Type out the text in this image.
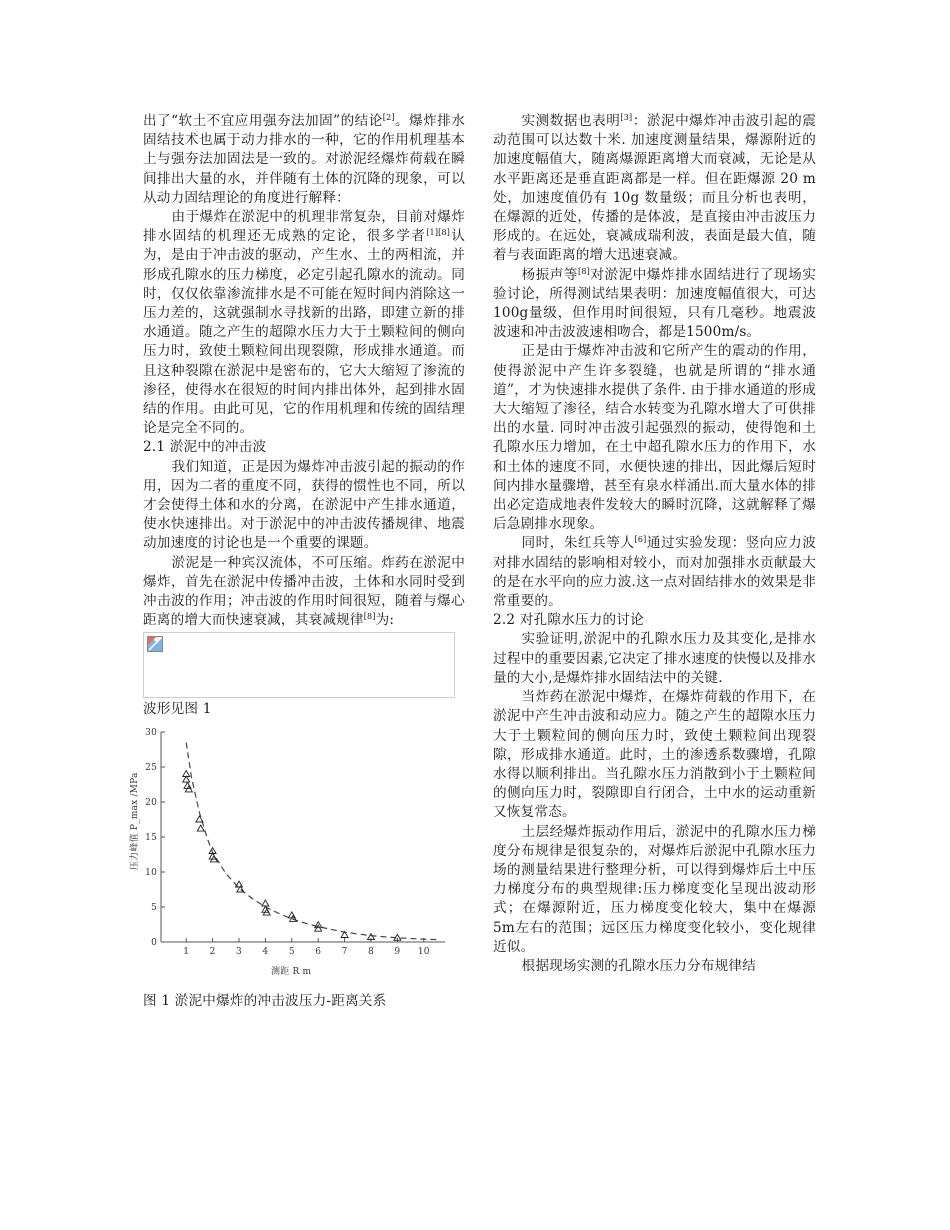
出了“软土不宜应用强夯法加固”的结论[2]。爆炸排水固结技术也属于动力排水的一种，它的作用机理基本上与强夯法加固法是一致的。对淤泥经爆炸荷载在瞬间排出大量的水，并伴随有土体的沉降的现象，可以从动力固结理论的角度进行解释：

由于爆炸在淤泥中的机理非常复杂，目前对爆炸排水固结的机理还无成熟的定论，很多学者[1][8]认为，是由于冲击波的驱动，产生水、土的两相流，并形成孔隙水的压力梯度，必定引起孔隙水的流动。同时，仅仅依靠渗流排水是不可能在短时间内消除这一压力差的，这就强制水寻找新的出路，即建立新的排水通道。随之产生的超隙水压力大于土颗粒间的侧向压力时，致使土颗粒间出现裂隙，形成排水通道。而且这种裂隙在淤泥中是密布的，它大大缩短了渗流的渗径，使得水在很短的时间内排出体外，起到排水固结的作用。由此可见，它的作用机理和传统的固结理论是完全不同的。

2.1 淤泥中的冲击波

我们知道，正是因为爆炸冲击波引起的振动的作用，因为二者的重度不同，获得的惯性也不同，所以才会使得土体和水的分离，在淤泥中产生排水通道，使水快速排出。对于淤泥中的冲击波传播规律、地震动加速度的讨论也是一个重要的课题。

淤泥是一种宾汉流体，不可压缩。炸药在淤泥中爆炸，首先在淤泥中传播冲击波，土体和水同时受到冲击波的作用；冲击波的作用时间很短，随着与爆心距离的增大而快速衰减，其衰减规律[8]为:

波形见图 1

压力峰值 P_max /MPa
测距 R m
0
5
10
15
20
25
30
1 2 3 4 5 6 7 8 9 10

图 1 淤泥中爆炸的冲击波压力-距离关系

实测数据也表明[3]：淤泥中爆炸冲击波引起的震动范围可以达数十米. 加速度测量结果，爆源附近的加速度幅值大，随离爆源距离增大而衰减，无论是从水平距离还是垂直距离都是一样。但在距爆源 20 m处，加速度值仍有 10g 数量级；而且分析也表明，在爆源的近处，传播的是体波，是直接由冲击波压力形成的。在远处，衰减成瑞利波，表面是最大值，随着与表面距离的增大迅速衰减。

杨振声等[8]对淤泥中爆炸排水固结进行了现场实验讨论，所得测试结果表明：加速度幅值很大，可达100g量级，但作用时间很短，只有几毫秒。地震波波速和冲击波波速相吻合，都是1500m/s。

正是由于爆炸冲击波和它所产生的震动的作用，使得淤泥中产生许多裂缝，也就是所谓的“排水通道”，才为快速排水提供了条件. 由于排水通道的形成大大缩短了渗径，结合水转变为孔隙水增大了可供排出的水量. 同时冲击波引起强烈的振动，使得饱和土孔隙水压力增加，在土中超孔隙水压力的作用下，水和土体的速度不同，水便快速的排出，因此爆后短时间内排水量骤增，甚至有泉水样涌出.而大量水体的排出必定造成地表件发较大的瞬时沉降，这就解释了爆后急剧排水现象。

同时，朱红兵等人[6]通过实验发现：竖向应力波对排水固结的影响相对较小，而对加强排水贡献最大的是在水平向的应力波.这一点对固结排水的效果是非常重要的。

2.2 对孔隙水压力的讨论

实验证明,淤泥中的孔隙水压力及其变化,是排水过程中的重要因素,它决定了排水速度的快慢以及排水量的大小,是爆炸排水固结法中的关键.

当炸药在淤泥中爆炸，在爆炸荷载的作用下，在淤泥中产生冲击波和动应力。随之产生的超隙水压力大于土颗粒间的侧向压力时，致使土颗粒间出现裂隙，形成排水通道。此时，土的渗透系数骤增，孔隙水得以顺利排出。当孔隙水压力消散到小于土颗粒间的侧向压力时，裂隙即自行闭合，土中水的运动重新又恢复常态。

土层经爆炸振动作用后，淤泥中的孔隙水压力梯度分布规律是很复杂的，对爆炸后淤泥中孔隙水压力场的测量结果进行整理分析，可以得到爆炸后土中压力梯度分布的典型规律:压力梯度变化呈现出波动形式；在爆源附近，压力梯度变化较大，集中在爆源5m左右的范围；远区压力梯度变化较小，变化规律近似。

根据现场实测的孔隙水压力分布规律结
